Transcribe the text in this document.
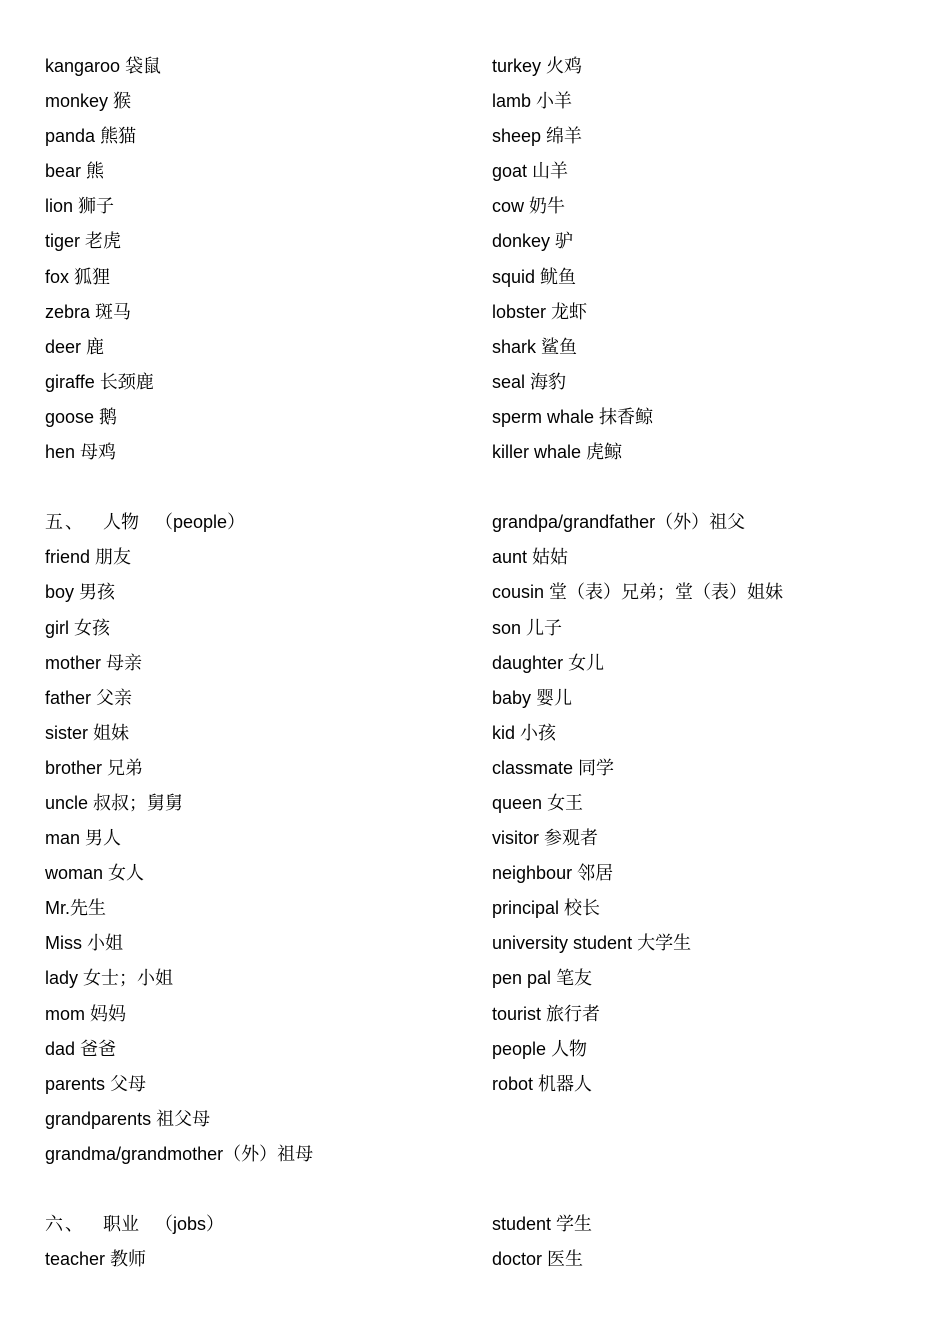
kangaroo 袋鼠
monkey 猴
panda 熊猫
bear 熊
lion 狮子
tiger 老虎
fox 狐狸
zebra 斑马
deer 鹿
giraffe 长颈鹿
goose 鹅
hen 母鸡
五、 人物 （people）
friend 朋友
boy 男孩
girl 女孩
mother 母亲
father 父亲
sister 姐妹
brother 兄弟
uncle 叔叔；舅舅
man 男人
woman 女人
Mr.先生
Miss 小姐
lady 女士；小姐
mom 妈妈
dad 爸爸
parents 父母
grandparents 祖父母
grandma/grandmother（外）祖母
六、 职业 （jobs）
teacher 教师
turkey 火鸡
lamb 小羊
sheep 绵羊
goat 山羊
cow 奶牛
donkey 驴
squid 鱿鱼
lobster 龙虾
shark 鲨鱼
seal 海豹
sperm whale 抹香鲸
killer whale 虎鲸
grandpa/grandfather（外）祖父
aunt 姑姑
cousin 堂（表）兄弟；堂（表）姐妹
son 儿子
daughter 女儿
baby 婴儿
kid 小孩
classmate 同学
queen 女王
visitor 参观者
neighbour 邻居
principal 校长
university student 大学生
pen pal 笔友
tourist 旅行者
people 人物
robot 机器人
student 学生
doctor 医生
